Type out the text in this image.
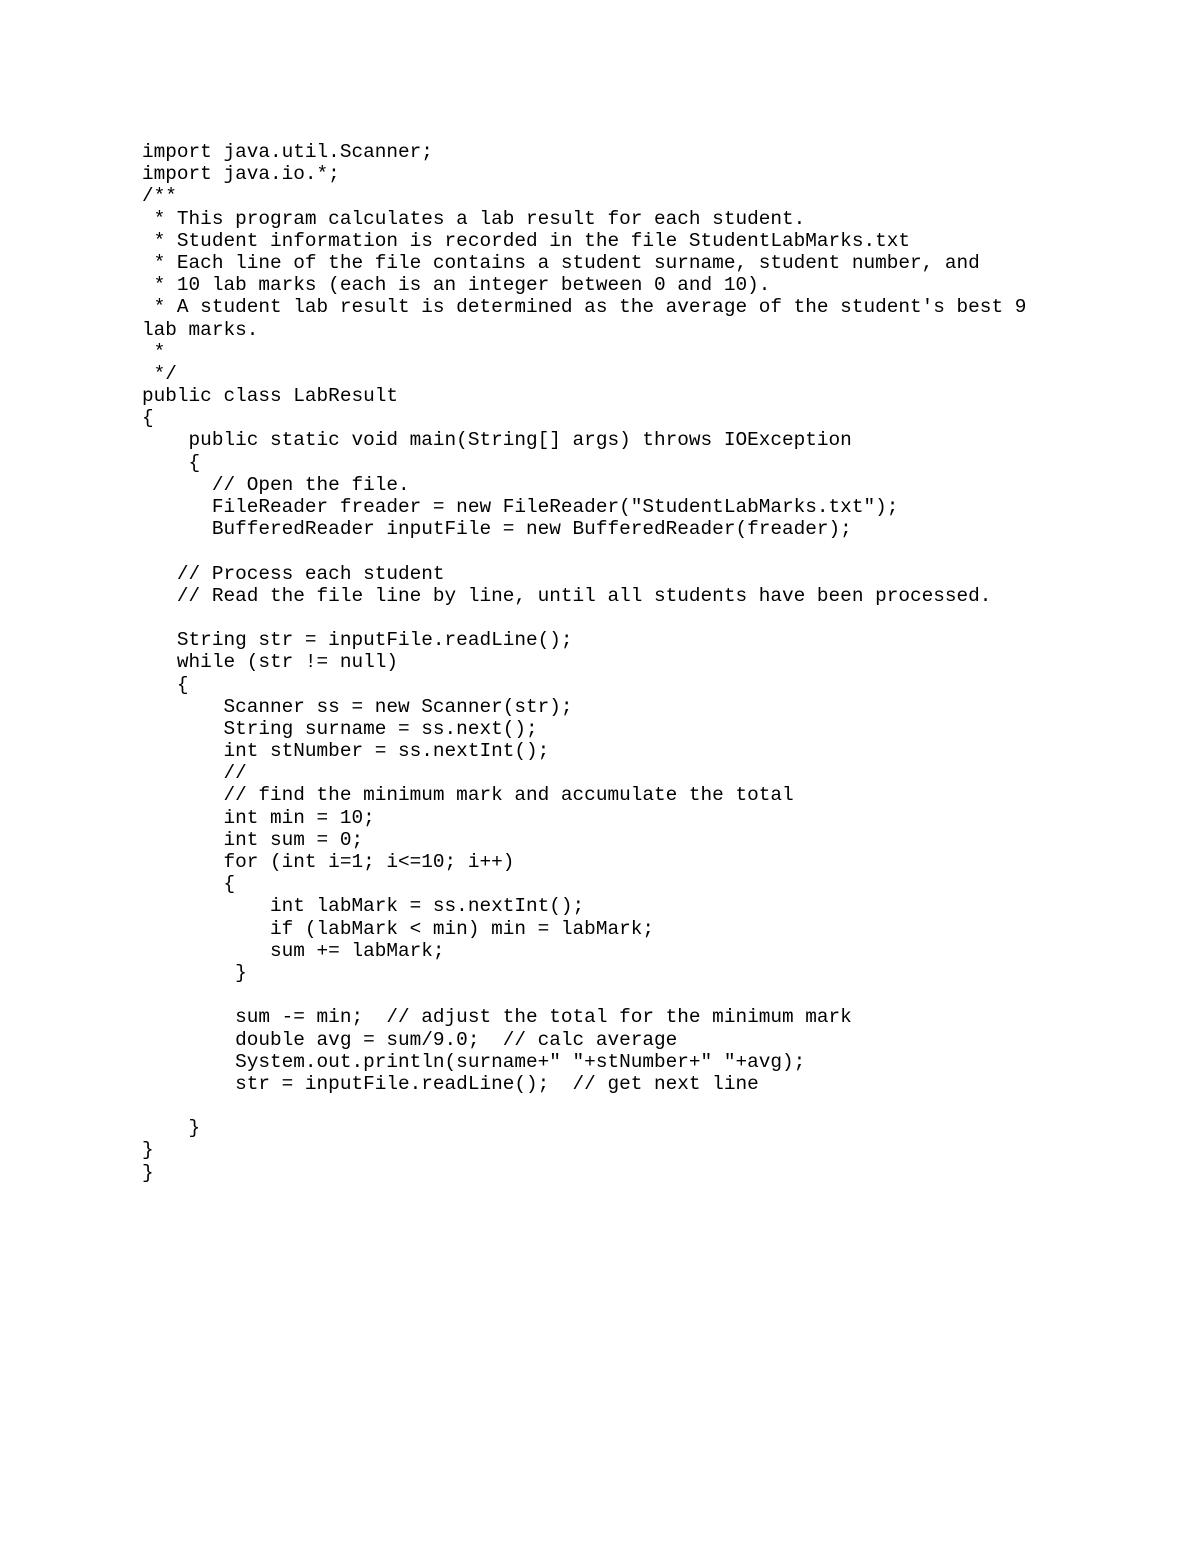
import java.util.Scanner;
import java.io.*;
/**
* This program calculates a lab result for each student.
* Student information is recorded in the file StudentLabMarks.txt
* Each line of the file contains a student surname, student number, and
* 10 lab marks (each is an integer between 0 and 10).
* A student lab result is determined as the average of the student's best 9
lab marks.
*
*/
public class LabResult
{
public static void main(String[] args) throws IOException
{
// Open the file.
FileReader freader = new FileReader("StudentLabMarks.txt");
BufferedReader inputFile = new BufferedReader(freader);
// Process each student
// Read the file line by line, until all students have been processed.
String str = inputFile.readLine();
while (str != null)
{
Scanner ss = new Scanner(str);
String surname = ss.next();
int stNumber = ss.nextInt();
//
// find the minimum mark and accumulate the total
int min = 10;
int sum = 0;
for (int i=1; i<=10; i++)
{
int labMark = ss.nextInt();
if (labMark < min) min = labMark;
sum += labMark;
}
sum -= min;  // adjust the total for the minimum mark
double avg = sum/9.0;  // calc average
System.out.println(surname+" "+stNumber+" "+avg);
str = inputFile.readLine();  // get next line
}
}
}
